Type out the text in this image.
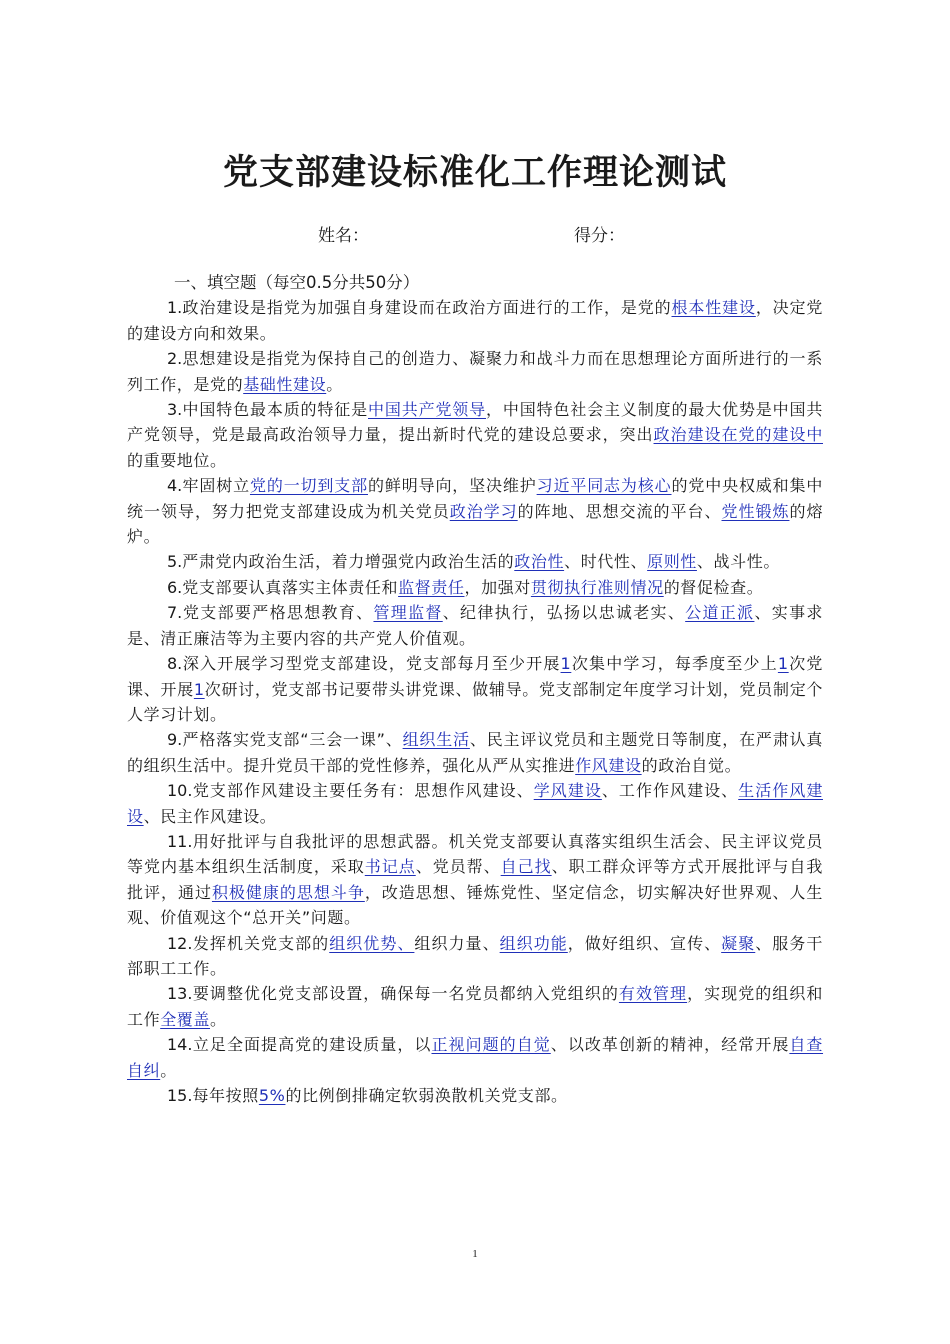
党支部建设标准化工作理论测试
姓名：	得分：

一、填空题（每空0.5分共50分）

1.政治建设是指党为加强自身建设而在政治方面进行的工作，是党的根本性建设，决定党的建设方向和效果。

2.思想建设是指党为保持自己的创造力、凝聚力和战斗力而在思想理论方面所进行的一系列工作，是党的基础性建设。

3.中国特色最本质的特征是中国共产党领导，中国特色社会主义制度的最大优势是中国共产党领导，党是最高政治领导力量，提出新时代党的建设总要求，突出政治建设在党的建设中的重要地位。

4.牢固树立党的一切到支部的鲜明导向，坚决维护习近平同志为核心的党中央权威和集中统一领导，努力把党支部建设成为机关党员政治学习的阵地、思想交流的平台、党性锻炼的熔炉。

5.严肃党内政治生活，着力增强党内政治生活的政治性、时代性、原则性、战斗性。

6.党支部要认真落实主体责任和监督责任，加强对贯彻执行准则情况的督促检查。

7.党支部要严格思想教育、管理监督、纪律执行，弘扬以忠诚老实、公道正派、实事求是、清正廉洁等为主要内容的共产党人价值观。

8.深入开展学习型党支部建设，党支部每月至少开展1次集中学习，每季度至少上1次党课、开展1次研讨，党支部书记要带头讲党课、做辅导。党支部制定年度学习计划，党员制定个人学习计划。

9.严格落实党支部“三会一课”、组织生活、民主评议党员和主题党日等制度，在严肃认真的组织生活中。提升党员干部的党性修养，强化从严从实推进作风建设的政治自觉。

10.党支部作风建设主要任务有：思想作风建设、学风建设、工作作风建设、生活作风建设、民主作风建设。

11.用好批评与自我批评的思想武器。机关党支部要认真落实组织生活会、民主评议党员等党内基本组织生活制度，采取书记点、党员帮、自己找、职工群众评等方式开展批评与自我批评，通过积极健康的思想斗争，改造思想、锤炼党性、坚定信念，切实解决好世界观、人生观、价值观这个“总开关”问题。

12.发挥机关党支部的组织优势、组织力量、组织功能，做好组织、宣传、凝聚、服务干部职工工作。

13.要调整优化党支部设置，确保每一名党员都纳入党组织的有效管理，实现党的组织和工作全覆盖。

14.立足全面提高党的建设质量，以正视问题的自觉、以改革创新的精神，经常开展自查自纠。

15.每年按照5%的比例倒排确定软弱涣散机关党支部。

1
